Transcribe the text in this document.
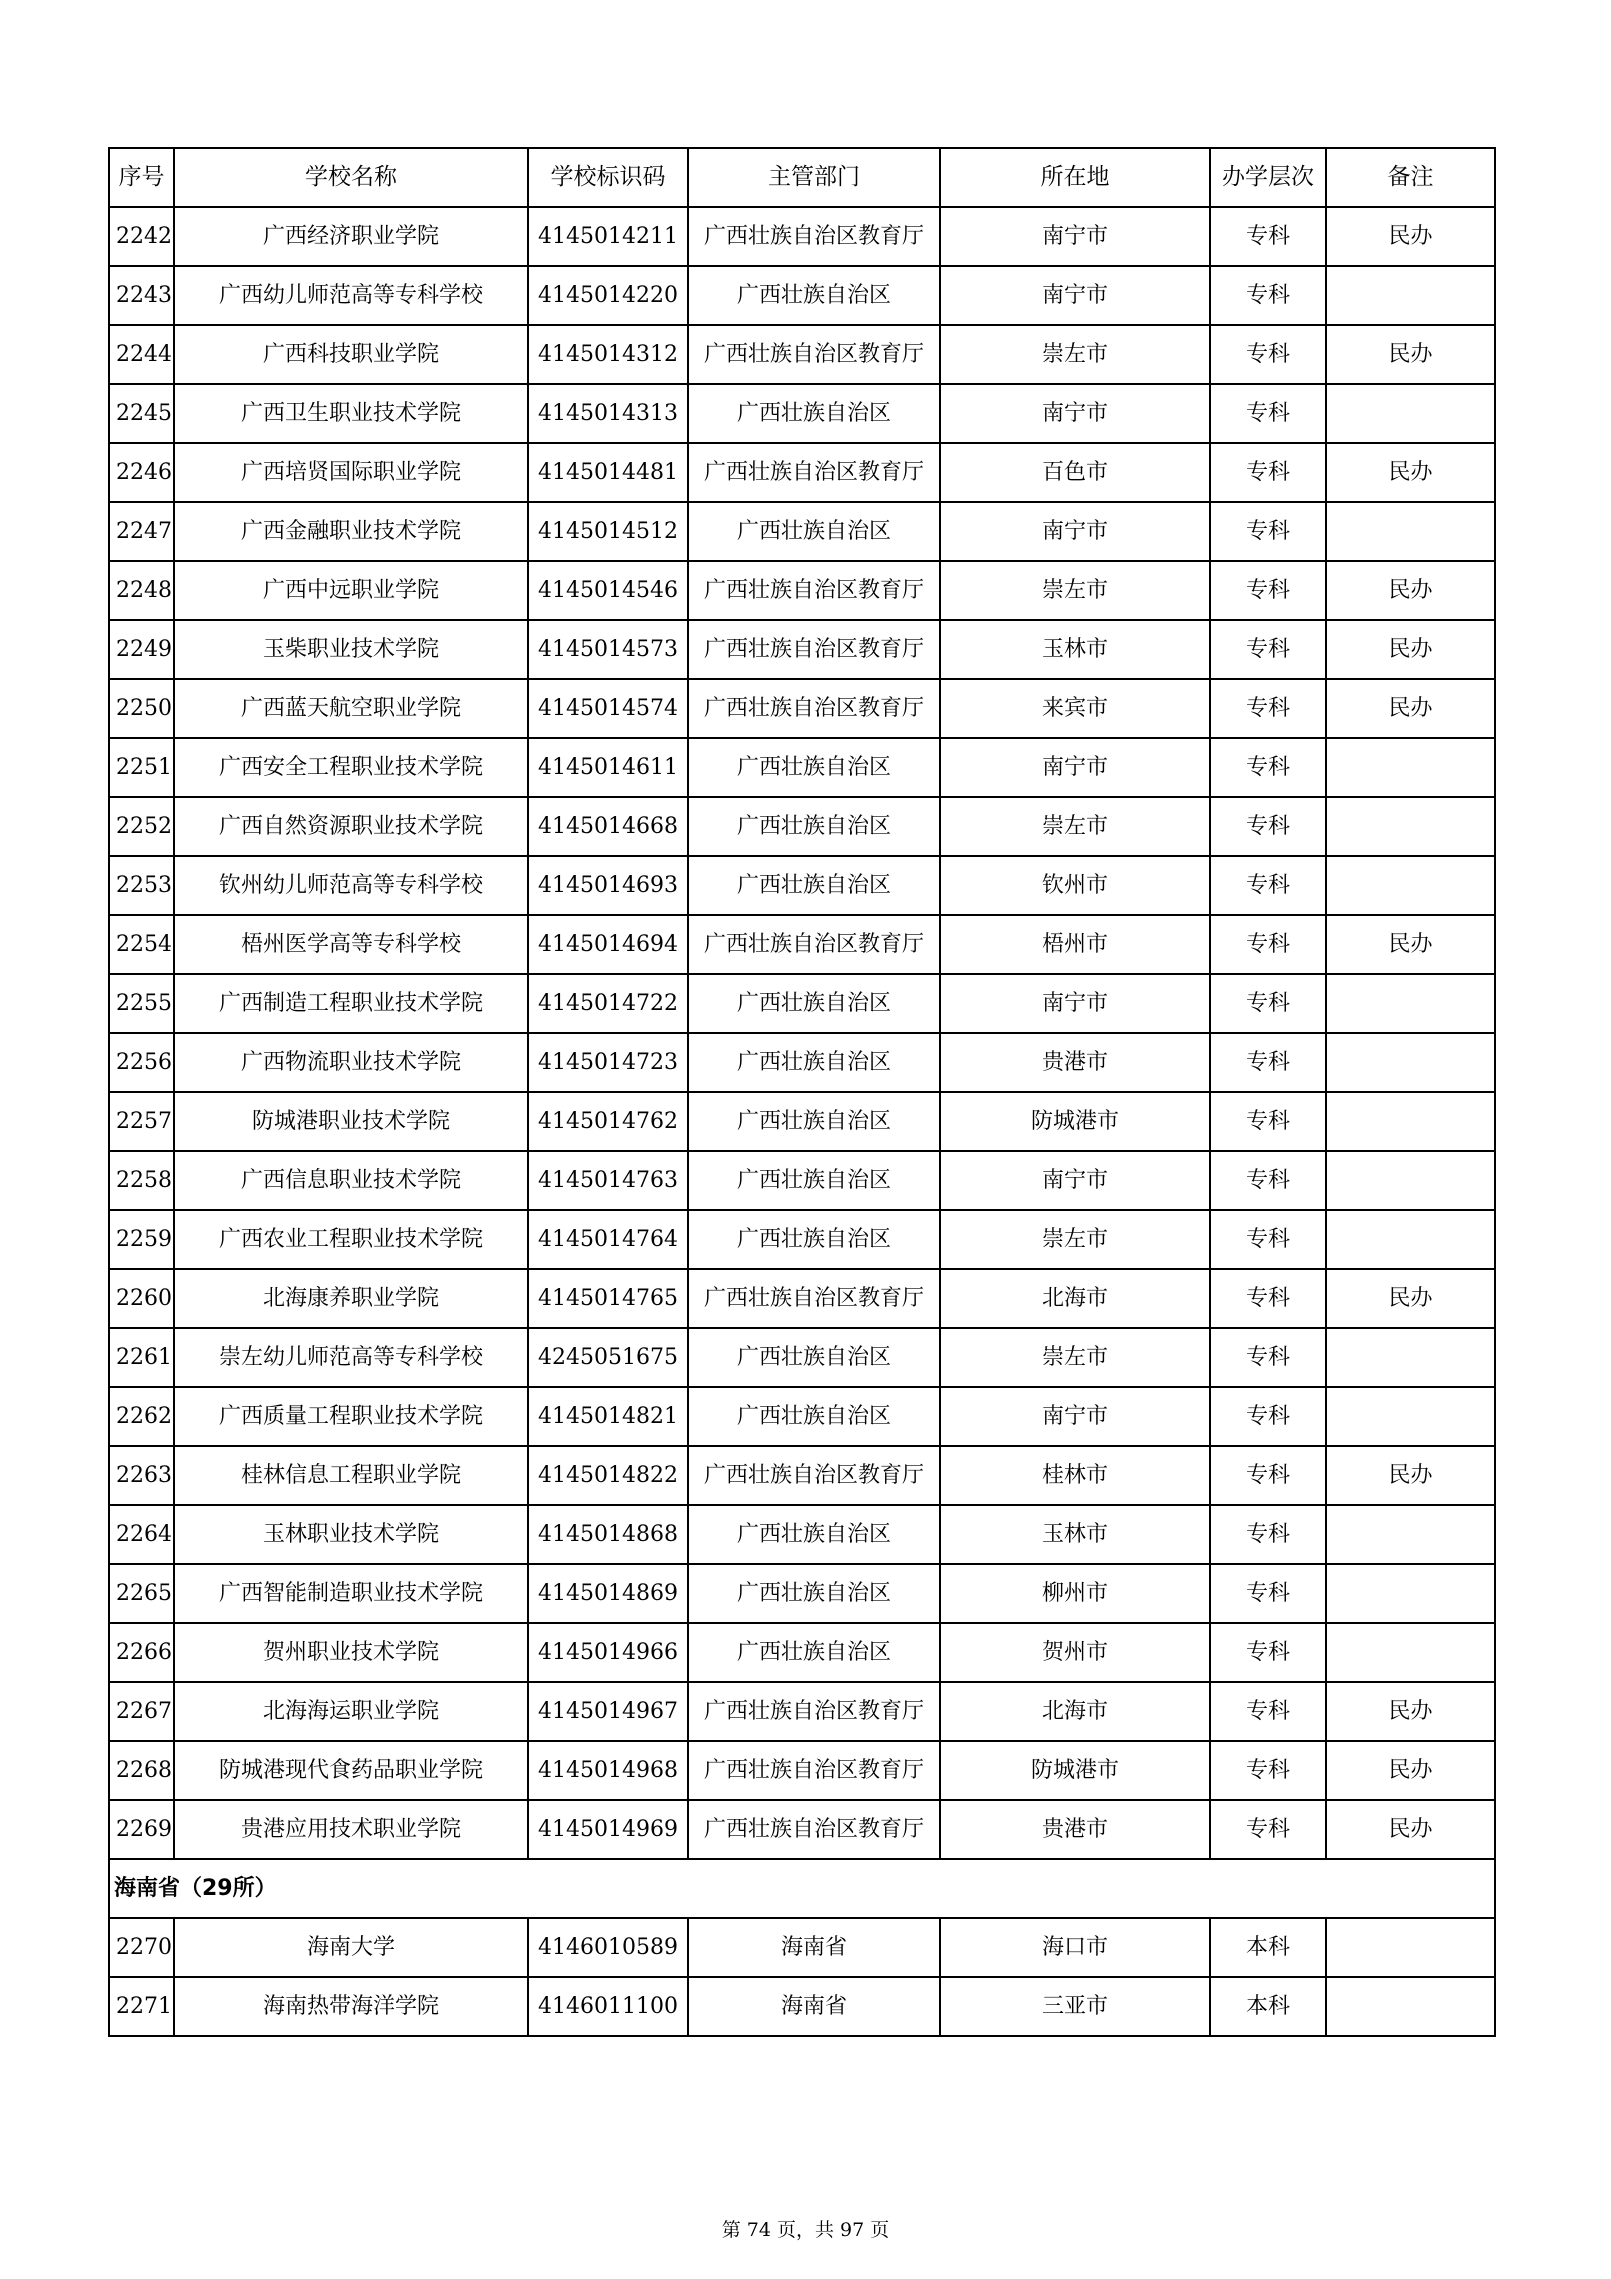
序号	学校名称	学校标识码	主管部门	所在地	办学层次	备注
2242	广西经济职业学院	4145014211	广西壮族自治区教育厅	南宁市	专科	民办
2243	广西幼儿师范高等专科学校	4145014220	广西壮族自治区	南宁市	专科	
2244	广西科技职业学院	4145014312	广西壮族自治区教育厅	崇左市	专科	民办
2245	广西卫生职业技术学院	4145014313	广西壮族自治区	南宁市	专科	
2246	广西培贤国际职业学院	4145014481	广西壮族自治区教育厅	百色市	专科	民办
2247	广西金融职业技术学院	4145014512	广西壮族自治区	南宁市	专科	
2248	广西中远职业学院	4145014546	广西壮族自治区教育厅	崇左市	专科	民办
2249	玉柴职业技术学院	4145014573	广西壮族自治区教育厅	玉林市	专科	民办
2250	广西蓝天航空职业学院	4145014574	广西壮族自治区教育厅	来宾市	专科	民办
2251	广西安全工程职业技术学院	4145014611	广西壮族自治区	南宁市	专科	
2252	广西自然资源职业技术学院	4145014668	广西壮族自治区	崇左市	专科	
2253	钦州幼儿师范高等专科学校	4145014693	广西壮族自治区	钦州市	专科	
2254	梧州医学高等专科学校	4145014694	广西壮族自治区教育厅	梧州市	专科	民办
2255	广西制造工程职业技术学院	4145014722	广西壮族自治区	南宁市	专科	
2256	广西物流职业技术学院	4145014723	广西壮族自治区	贵港市	专科	
2257	防城港职业技术学院	4145014762	广西壮族自治区	防城港市	专科	
2258	广西信息职业技术学院	4145014763	广西壮族自治区	南宁市	专科	
2259	广西农业工程职业技术学院	4145014764	广西壮族自治区	崇左市	专科	
2260	北海康养职业学院	4145014765	广西壮族自治区教育厅	北海市	专科	民办
2261	崇左幼儿师范高等专科学校	4245051675	广西壮族自治区	崇左市	专科	
2262	广西质量工程职业技术学院	4145014821	广西壮族自治区	南宁市	专科	
2263	桂林信息工程职业学院	4145014822	广西壮族自治区教育厅	桂林市	专科	民办
2264	玉林职业技术学院	4145014868	广西壮族自治区	玉林市	专科	
2265	广西智能制造职业技术学院	4145014869	广西壮族自治区	柳州市	专科	
2266	贺州职业技术学院	4145014966	广西壮族自治区	贺州市	专科	
2267	北海海运职业学院	4145014967	广西壮族自治区教育厅	北海市	专科	民办
2268	防城港现代食药品职业学院	4145014968	广西壮族自治区教育厅	防城港市	专科	民办
2269	贵港应用技术职业学院	4145014969	广西壮族自治区教育厅	贵港市	专科	民办
海南省（29所）						
2270	海南大学	4146010589	海南省	海口市	本科	
2271	海南热带海洋学院	4146011100	海南省	三亚市	本科	
第 74 页，共 97 页
